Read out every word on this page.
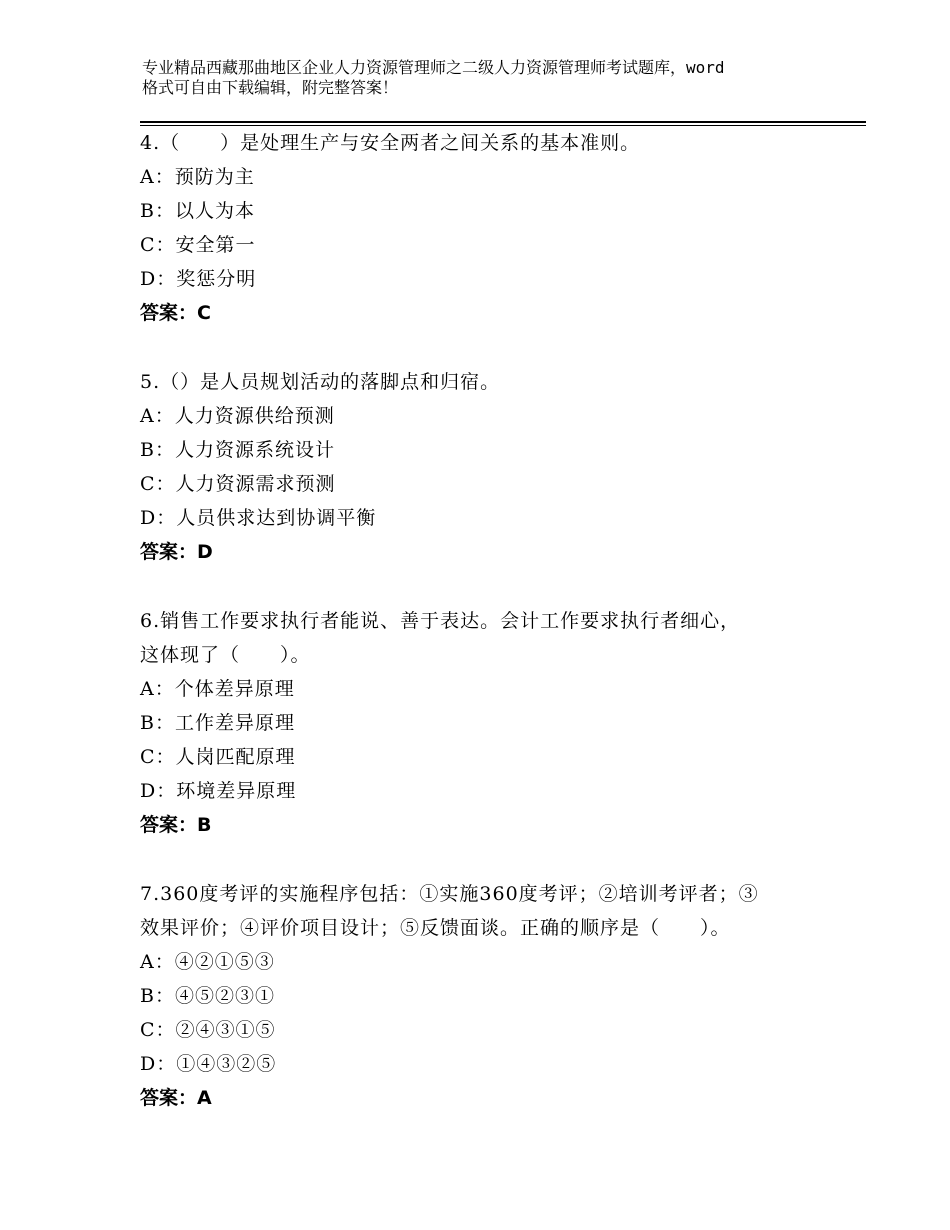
专业精品西藏那曲地区企业人力资源管理师之二级人力资源管理师考试题库，word
格式可自由下载编辑，附完整答案！
4.（　　）是处理生产与安全两者之间关系的基本准则。
A：预防为主
B：以人为本
C：安全第一
D：奖惩分明
答案：C
5.（）是人员规划活动的落脚点和归宿。
A：人力资源供给预测
B：人力资源系统设计
C：人力资源需求预测
D：人员供求达到协调平衡
答案：D
6.销售工作要求执行者能说、善于表达。会计工作要求执行者细心，
这体现了（　　）。
A：个体差异原理
B：工作差异原理
C：人岗匹配原理
D：环境差异原理
答案：B
7.360度考评的实施程序包括：①实施360度考评；②培训考评者；③
效果评价；④评价项目设计；⑤反馈面谈。正确的顺序是（　　）。
A：④②①⑤③
B：④⑤②③①
C：②④③①⑤
D：①④③②⑤
答案：A
